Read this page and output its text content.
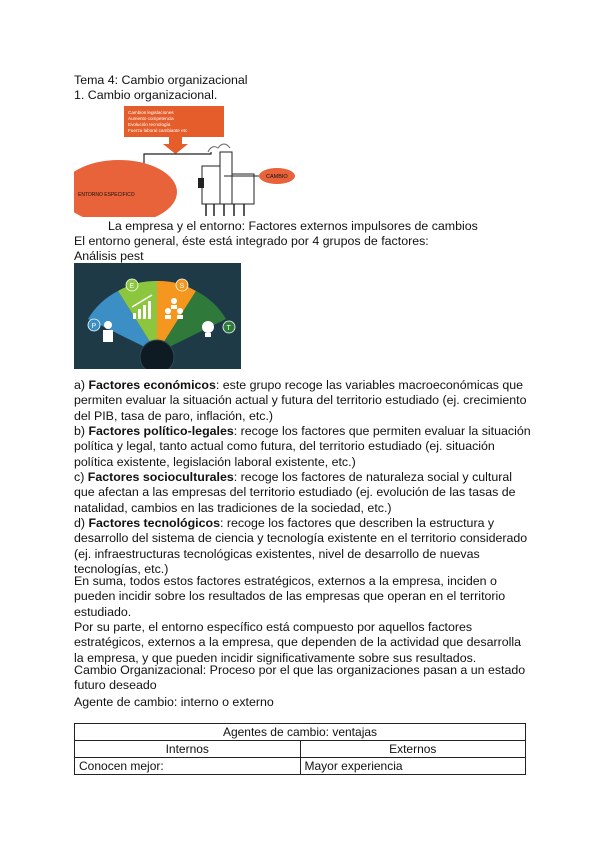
Tema 4: Cambio organizacional
1. Cambio organizacional.
Cambios legislaciones
Aumento competencia
Evolución tecnología
Fuerza laboral cambiante etc
ENTORNO ESPECIFICO
CAMBIO
La empresa y el entorno: Factores externos impulsores de cambios
El entorno general, éste está integrado por 4 grupos de factores:
Análisis pest
P
E	S
T
a) Factores económicos: este grupo recoge las variables macroeconómicas que permiten evaluar la situación actual y futura del territorio estudiado (ej. crecimiento del PIB, tasa de paro, inflación, etc.)
b) Factores político-legales: recoge los factores que permiten evaluar la situación política y legal, tanto actual como futura, del territorio estudiado (ej. situación política existente, legislación laboral existente, etc.)
c) Factores socioculturales: recoge los factores de naturaleza social y cultural que afectan a las empresas del territorio estudiado (ej. evolución de las tasas de natalidad, cambios en las tradiciones de la sociedad, etc.)
d) Factores tecnológicos: recoge los factores que describen la estructura y desarrollo del sistema de ciencia y tecnología existente en el territorio considerado (ej. infraestructuras tecnológicas existentes, nivel de desarrollo de nuevas tecnologías, etc.)
En suma, todos estos factores estratégicos, externos a la empresa, inciden o pueden incidir sobre los resultados de las empresas que operan en el territorio estudiado.
Por su parte, el entorno específico está compuesto por aquellos factores estratégicos, externos a la empresa, que dependen de la actividad que desarrolla la empresa, y que pueden incidir significativamente sobre sus resultados.
Cambio Organizacional: Proceso por el que las organizaciones pasan a un estado futuro deseado
Agente de cambio: interno o externo
Agentes de cambio: ventajas	
Internos	Externos
Conocen mejor:	Mayor experiencia
